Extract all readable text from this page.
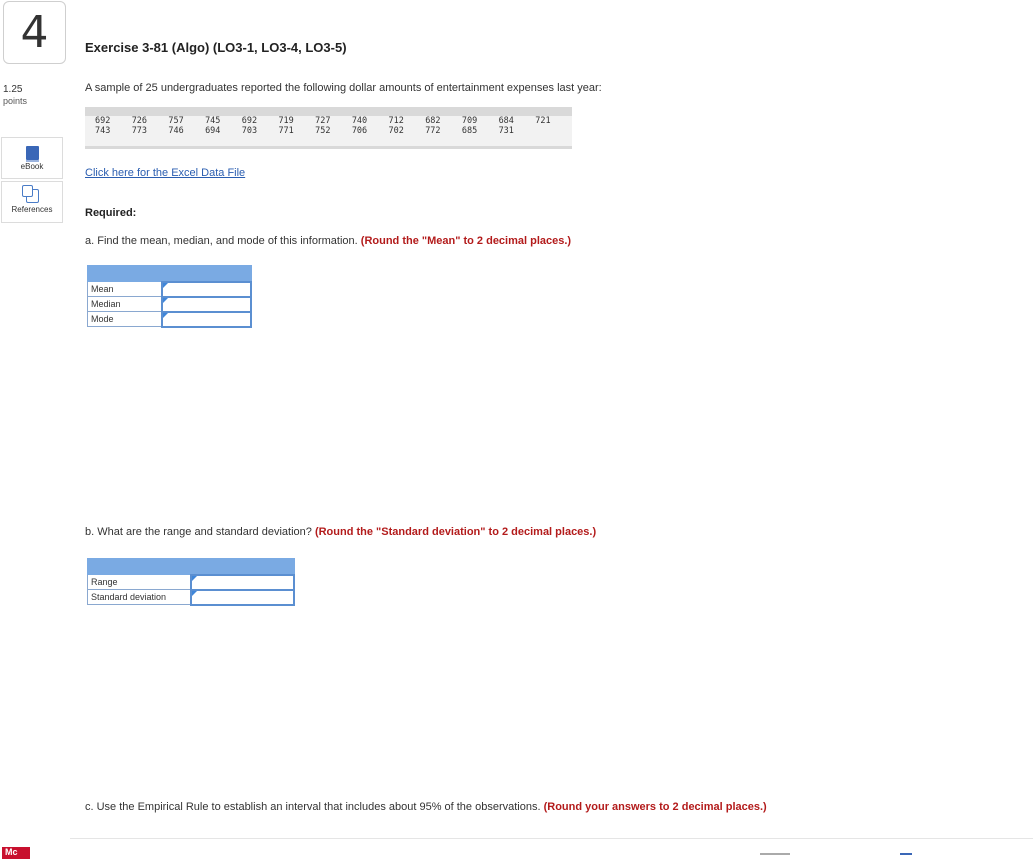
4
1.25
points
eBook
References
Mc
Exercise 3-81 (Algo) (LO3-1, LO3-4, LO3-5)
A sample of 25 undergraduates reported the following dollar amounts of entertainment expenses last year:
692	726	757	745	692	719	727	740	712	682	709	684	721
743	773	746	694	703	771	752	706	702	772	685	731
Click here for the Excel Data File
Required:
a. Find the mean, median, and mode of this information. (Round the "Mean" to 2 decimal places.)

Mean	
Median	
Mode	
b. What are the range and standard deviation? (Round the "Standard deviation" to 2 decimal places.)

Range	
Standard deviation	
c. Use the Empirical Rule to establish an interval that includes about 95% of the observations. (Round your answers to 2 decimal places.)
